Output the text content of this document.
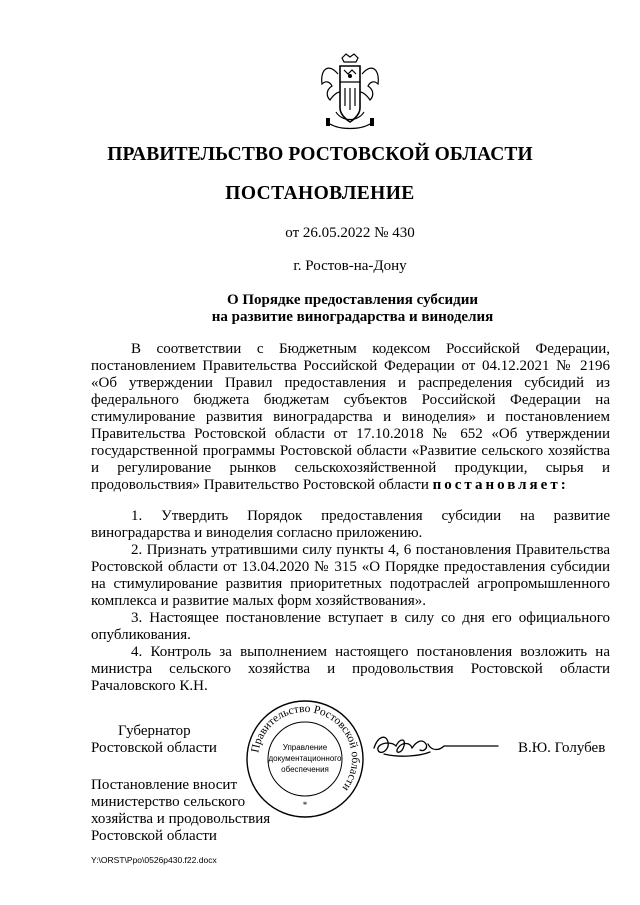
ПРАВИТЕЛЬСТВО РОСТОВСКОЙ ОБЛАСТИ
ПОСТАНОВЛЕНИЕ
от 26.05.2022 № 430
г. Ростов-на-Дону
О Порядке предоставления субсидии
на развитие виноградарства и виноделия

В соответствии с Бюджетным кодексом Российской Федерации, постановлением Правительства Российской Федерации от 04.12.2021 № 2196 «Об утверждении Правил предоставления и распределения субсидий из федерального бюджета бюджетам субъектов Российской Федерации на стимулирование развития виноградарства и виноделия» и постановлением Правительства Ростовской области от 17.10.2018 № 652 «Об утверждении государственной программы Ростовской области «Развитие сельского хозяйства и регулирование рынков сельскохозяйственной продукции, сырья и продовольствия» Правительство Ростовской области постановляет:

1. Утвердить Порядок предоставления субсидии на развитие виноградарства и виноделия согласно приложению.

2. Признать утратившими силу пункты 4, 6 постановления Правительства Ростовской области от 13.04.2020 № 315 «О Порядке предоставления субсидии на стимулирование развития приоритетных подотраслей агропромышленного комплекса и развитие малых форм хозяйствования».

3. Настоящее постановление вступает в силу со дня его официального опубликования.

4. Контроль за выполнением настоящего постановления возложить на министра сельского хозяйства и продовольствия Ростовской области Рачаловского К.Н.

Губернатор
Ростовской области	Правительство Ростовской области
Управление
документационного
обеспечения
*
В.Ю. Голубев
Постановление вносит
министерство сельского
хозяйства и продовольствия
Ростовской области
Y:\ORST\Ppo\0526p430.f22.docx
